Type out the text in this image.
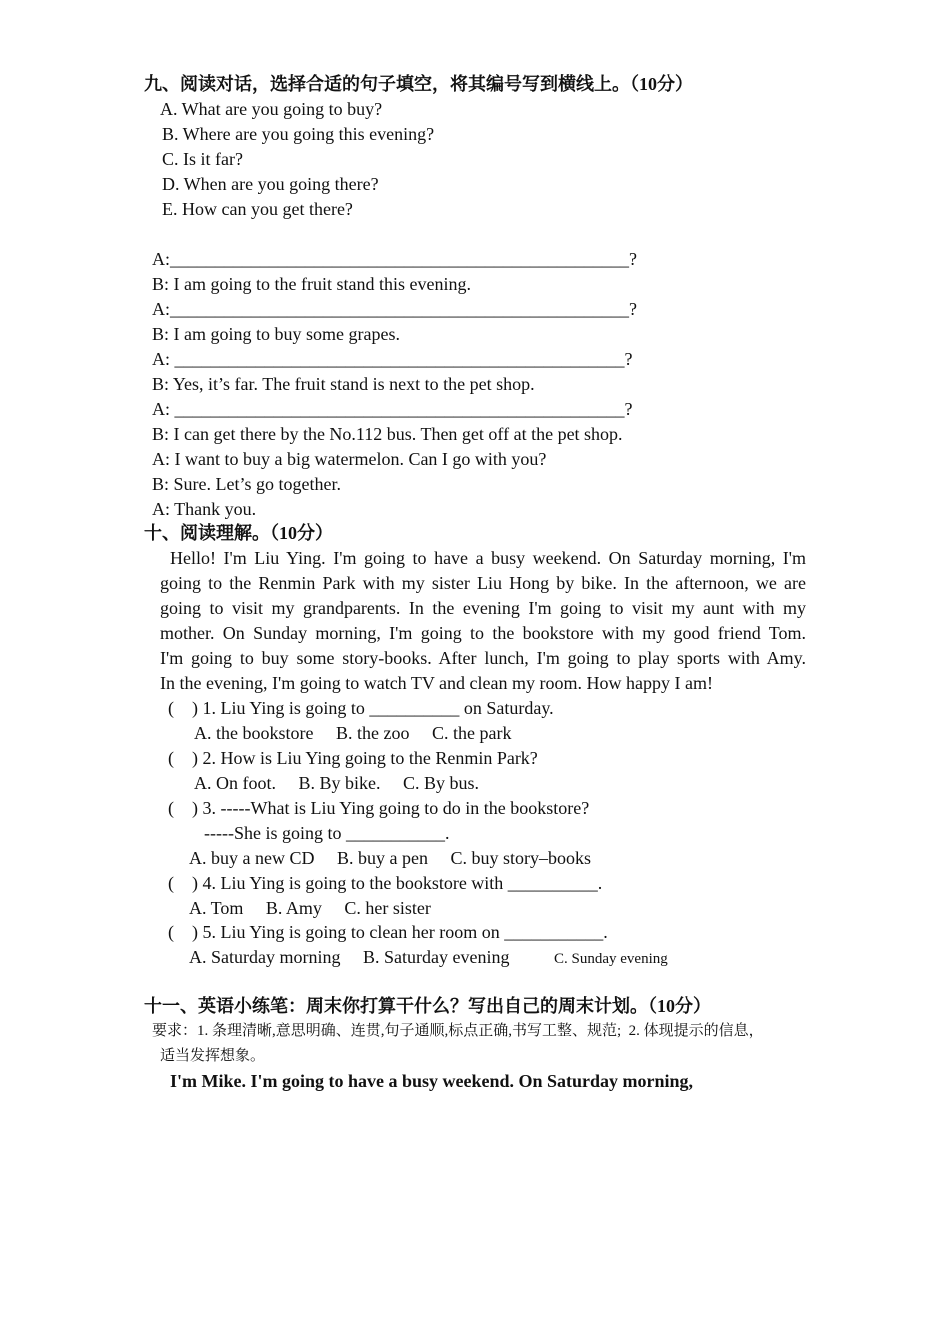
九、阅读对话，选择合适的句子填空，将其编号写到横线上。（10分）
A. What are you going to buy?
B. Where are you going this evening?
C. Is it far?
D. When are you going there?
E. How can you get there?
A:___________________________________________________?
B: I am going to the fruit stand this evening.
A:___________________________________________________?
B: I am going to buy some grapes.
A: __________________________________________________?
B: Yes, it’s far. The fruit stand is next to the pet shop.
A: __________________________________________________?
B: I can get there by the No.112 bus. Then get off at the pet shop.
A: I want to buy a big watermelon. Can I go with you?
B: Sure. Let’s go together.
A: Thank you.
十、阅读理解。（10分）
Hello! I'm Liu Ying. I'm going to have a busy weekend. On Saturday morning, I'm
going to the Renmin Park with my sister Liu Hong by bike. In the afternoon, we are
going to visit my grandparents. In the evening I'm going to visit my aunt with my
mother. On Sunday morning, I'm going to the bookstore with my good friend Tom.
I'm going to buy some story-books. After lunch, I'm going to play sports with Amy.
In the evening, I'm going to watch TV and clean my room. How happy I am!
(    ) 1. Liu Ying is going to __________ on Saturday.
A. the bookstore     B. the zoo     C. the park
(    ) 2. How is Liu Ying going to the Renmin Park?
A. On foot.     B. By bike.     C. By bus.
(    ) 3. -----What is Liu Ying going to do in the bookstore?
-----She is going to ___________.
A. buy a new CD     B. buy a pen     C. buy story–books
(    ) 4. Liu Ying is going to the bookstore with __________.
A. Tom     B. Amy     C. her sister
(    ) 5. Liu Ying is going to clean her room on ___________.
A. Saturday morning     B. Saturday evening	C. Sunday evening
十一、英语小练笔：周末你打算干什么？写出自己的周末计划。（10分）
要求：1. 条理清晰,意思明确、连贯,句子通顺,标点正确,书写工整、规范;  2. 体现提示的信息，
适当发挥想象。
I'm Mike. I'm going to have a busy weekend. On Saturday morning,
